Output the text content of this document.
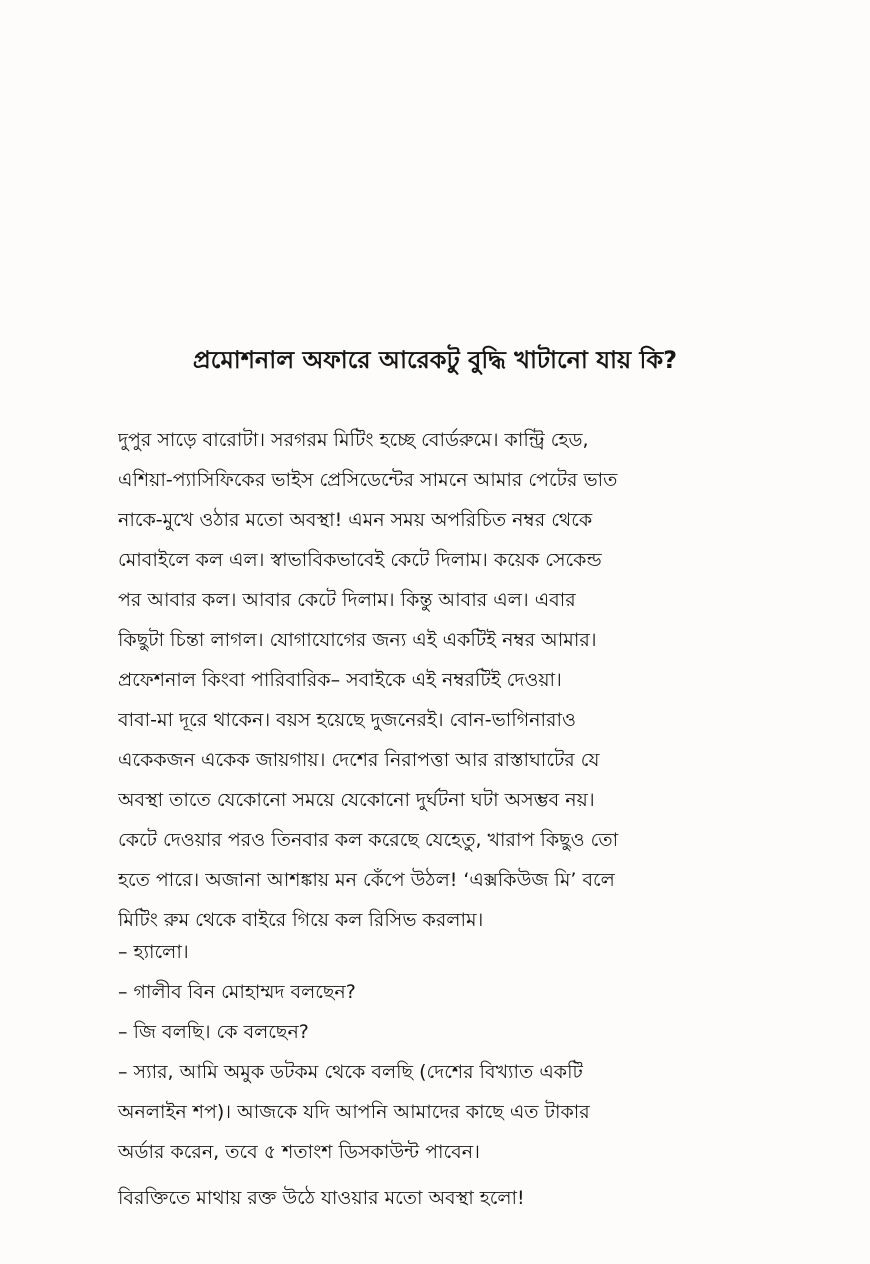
প্রমোশনাল অফারে আরেকটু বুদ্ধি খাটানো যায় কি?
দুপুর সাড়ে বারোটা। সরগরম মিটিং হচ্ছে বোর্ডরুমে। কান্ট্রি হেড,
এশিয়া-প্যাসিফিকের ভাইস প্রেসিডেন্টের সামনে আমার পেটের ভাত
নাকে-মুখে ওঠার মতো অবস্থা! এমন সময় অপরিচিত নম্বর থেকে
মোবাইলে কল এল। স্বাভাবিকভাবেই কেটে দিলাম। কয়েক সেকেন্ড
পর আবার কল। আবার কেটে দিলাম। কিন্তু আবার এল। এবার
কিছুটা চিন্তা লাগল। যোগাযোগের জন্য এই একটিই নম্বর আমার।
প্রফেশনাল কিংবা পারিবারিক– সবাইকে এই নম্বরটিই দেওয়া।
বাবা-মা দূরে থাকেন। বয়স হয়েছে দুজনেরই। বোন-ভাগিনারাও
একেকজন একেক জায়গায়। দেশের নিরাপত্তা আর রাস্তাঘাটের যে
অবস্থা তাতে যেকোনো সময়ে যেকোনো দুর্ঘটনা ঘটা অসম্ভব নয়।
কেটে দেওয়ার পরও তিনবার কল করেছে যেহেতু, খারাপ কিছুও তো
হতে পারে। অজানা আশঙ্কায় মন কেঁপে উঠল! ‘এক্সকিউজ মি’ বলে
মিটিং রুম থেকে বাইরে গিয়ে কল রিসিভ করলাম।
– হ্যালো।
– গালীব বিন মোহাম্মদ বলছেন?
– জি বলছি। কে বলছেন?
– স্যার, আমি অমুক ডটকম থেকে বলছি (দেশের বিখ্যাত একটি
অনলাইন শপ)। আজকে যদি আপনি আমাদের কাছে এত টাকার
অর্ডার করেন, তবে ৫ শতাংশ ডিসকাউন্ট পাবেন।
বিরক্তিতে মাথায় রক্ত উঠে যাওয়ার মতো অবস্থা হলো!
